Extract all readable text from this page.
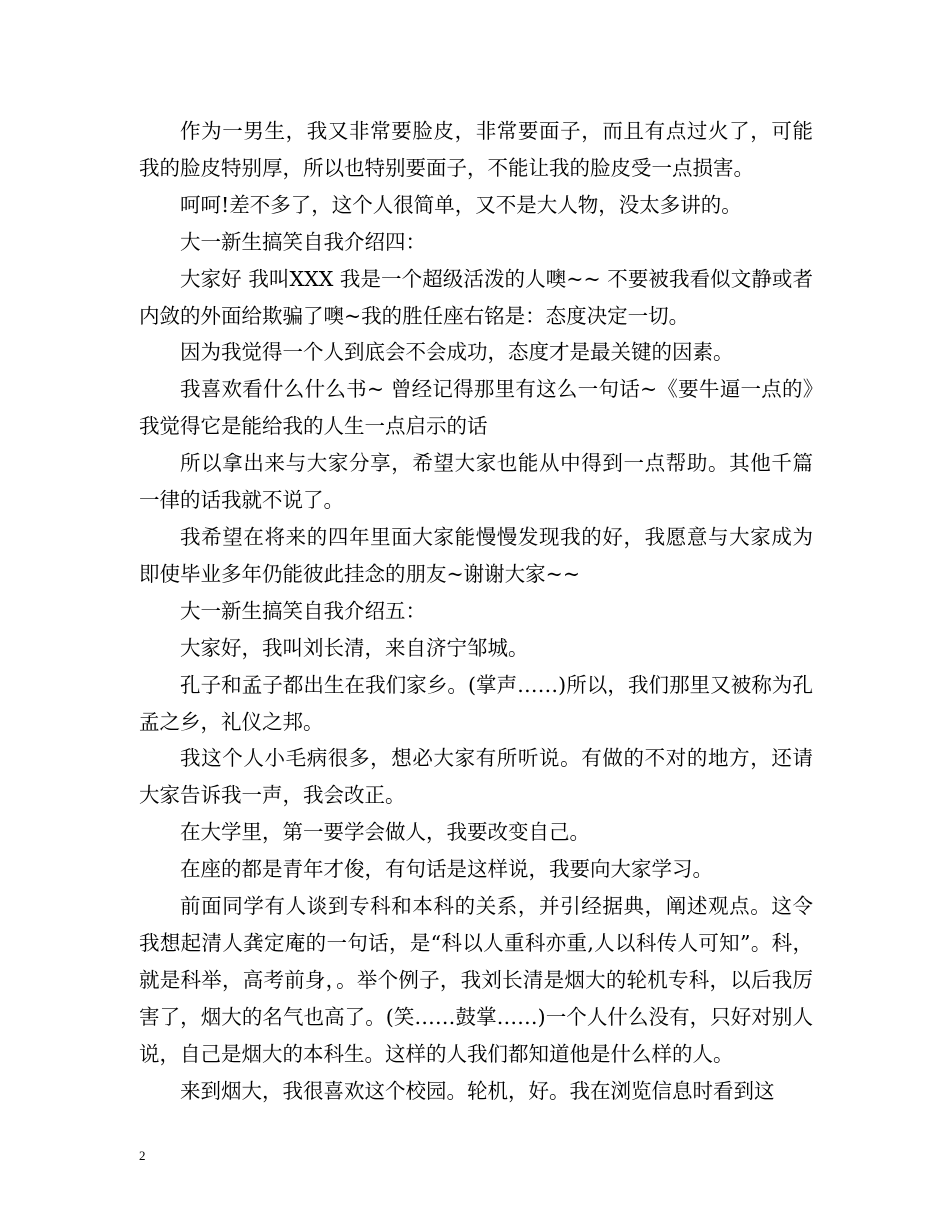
作为一男生，我又非常要脸皮，非常要面子，而且有点过火了，可能我的脸皮特别厚，所以也特别要面子，不能让我的脸皮受一点损害。

呵呵!差不多了，这个人很简单，又不是大人物，没太多讲的。

大一新生搞笑自我介绍四：

大家好 我叫XXX 我是一个超级活泼的人噢~~ 不要被我看似文静或者内敛的外面给欺骗了噢~我的胜任座右铭是：态度决定一切。

因为我觉得一个人到底会不会成功，态度才是最关键的因素。

我喜欢看什么什么书~ 曾经记得那里有这么一句话~《要牛逼一点的》我觉得它是能给我的人生一点启示的话

所以拿出来与大家分享，希望大家也能从中得到一点帮助。其他千篇一律的话我就不说了。

我希望在将来的四年里面大家能慢慢发现我的好，我愿意与大家成为即使毕业多年仍能彼此挂念的朋友~谢谢大家~~

大一新生搞笑自我介绍五：

大家好，我叫刘长清，来自济宁邹城。

孔子和孟子都出生在我们家乡。(掌声……)所以，我们那里又被称为孔孟之乡，礼仪之邦。

我这个人小毛病很多，想必大家有所听说。有做的不对的地方，还请大家告诉我一声，我会改正。

在大学里，第一要学会做人，我要改变自己。

在座的都是青年才俊，有句话是这样说，我要向大家学习。

前面同学有人谈到专科和本科的关系，并引经据典，阐述观点。这令我想起清人龚定庵的一句话，是“科以人重科亦重,人以科传人可知”。科，就是科举，高考前身，。举个例子，我刘长清是烟大的轮机专科，以后我厉害了，烟大的名气也高了。(笑……鼓掌……)一个人什么没有，只好对别人说，自己是烟大的本科生。这样的人我们都知道他是什么样的人。

来到烟大，我很喜欢这个校园。轮机，好。我在浏览信息时看到这

2
